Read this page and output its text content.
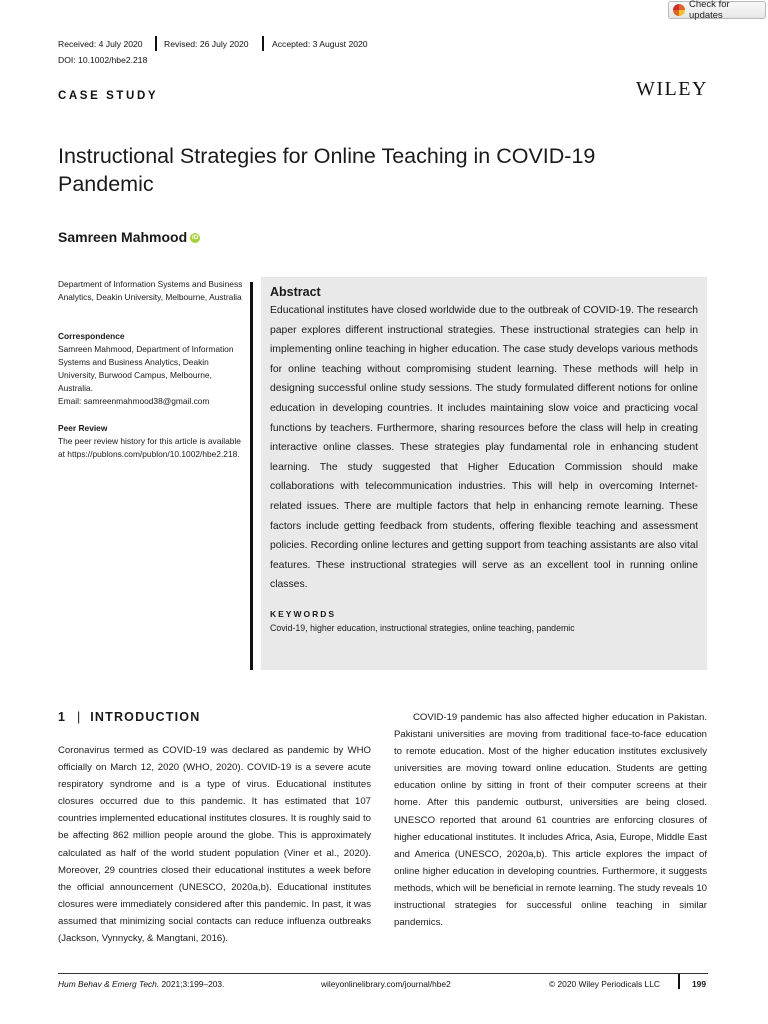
Check for updates
Received: 4 July 2020 Revised: 26 July 2020	Accepted: 3 August 2020
DOI: 10.1002/hbe2.218
CASE STUDY	WILEY
Instructional Strategies for Online Teaching in COVID-19 Pandemic
Samreen Mahmood iD

Department of Information Systems and Business Analytics, Deakin University, Melbourne, Australia

Correspondence

Samreen Mahmood, Department of Information Systems and Business Analytics, Deakin University, Burwood Campus, Melbourne, Australia.

Email: samreenmahmood38@gmail.com

Peer Review

The peer review history for this article is available at https://publons.com/publon/10.1002/hbe2.218.

Abstract

Educational institutes have closed worldwide due to the outbreak of COVID-19. The research paper explores different instructional strategies. These instructional strategies can help in implementing online teaching in higher education. The case study develops various methods for online teaching without compromising student learning. These methods will help in designing successful online study sessions. The study formulated different notions for online education in developing countries. It includes maintaining slow voice and practicing vocal functions by teachers. Furthermore, sharing resources before the class will help in creating interactive online classes. These strategies play fundamental role in enhancing student learning. The study suggested that Higher Education Commission should make collaborations with telecommunication industries. This will help in overcoming Internet-related issues. There are multiple factors that help in enhancing remote learning. These factors include getting feedback from students, offering flexible teaching and assessment policies. Recording online lectures and getting support from teaching assistants are also vital features. These instructional strategies will serve as an excellent tool in running online classes.

KEYWORDS
Covid-19, higher education, instructional strategies, online teaching, pandemic
1 | INTRODUCTION
Coronavirus termed as COVID-19 was declared as pandemic by WHO officially on March 12, 2020 (WHO, 2020). COVID-19 is a severe acute respiratory syndrome and is a type of virus. Educational institutes closures occurred due to this pandemic. It has estimated that 107 countries implemented educational institutes closures. It is roughly said to be affecting 862 million people around the globe. This is approximately calculated as half of the world student population (Viner et al., 2020). Moreover, 29 countries closed their educational institutes a week before the official announcement (UNESCO, 2020a,b). Educational institutes closures were immediately considered after this pandemic. In past, it was assumed that minimizing social contacts can reduce influenza outbreaks (Jackson, Vynnycky, & Mangtani, 2016).
COVID-19 pandemic has also affected higher education in Pakistan. Pakistani universities are moving from traditional face-to-face education to remote education. Most of the higher education institutes exclusively universities are moving toward online education. Students are getting education online by sitting in front of their computer screens at their home. After this pandemic outburst, universities are being closed. UNESCO reported that around 61 countries are enforcing closures of higher educational institutes. It includes Africa, Asia, Europe, Middle East and America (UNESCO, 2020a,b). This article explores the impact of online higher education in developing countries. Furthermore, it suggests methods, which will be beneficial in remote learning. The study reveals 10 instructional strategies for successful online teaching in similar pandemics.
Hum Behav & Emerg Tech. 2021;3:199–203.	wileyonlinelibrary.com/journal/hbe2	© 2020 Wiley Periodicals LLC	199
